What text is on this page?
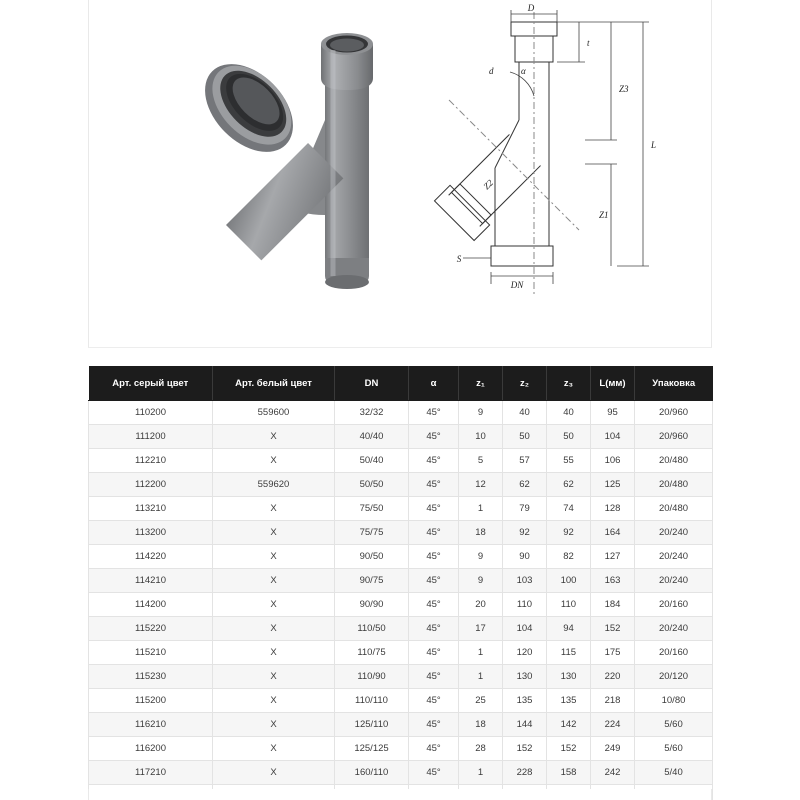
D
DN
S
t
L
Z1
Z2
Z3
α
d
Арт. серый цвет	Арт. белый цвет	DN	α	z₁	z₂	z₃	L(мм)	Упаковка
110200	559600	32/32	45°	9	40	40	95	20/960
111200	X	40/40	45°	10	50	50	104	20/960
112210	X	50/40	45°	5	57	55	106	20/480
112200	559620	50/50	45°	12	62	62	125	20/480
113210	X	75/50	45°	1	79	74	128	20/480
113200	X	75/75	45°	18	92	92	164	20/240
114220	X	90/50	45°	9	90	82	127	20/240
114210	X	90/75	45°	9	103	100	163	20/240
114200	X	90/90	45°	20	110	110	184	20/160
115220	X	110/50	45°	17	104	94	152	20/240
115210	X	110/75	45°	1	120	115	175	20/160
115230	X	110/90	45°	1	130	130	220	20/120
115200	X	110/110	45°	25	135	135	218	10/80
116210	X	125/110	45°	18	144	142	224	5/60
116200	X	125/125	45°	28	152	152	249	5/60
117210	X	160/110	45°	1	228	158	242	5/40
